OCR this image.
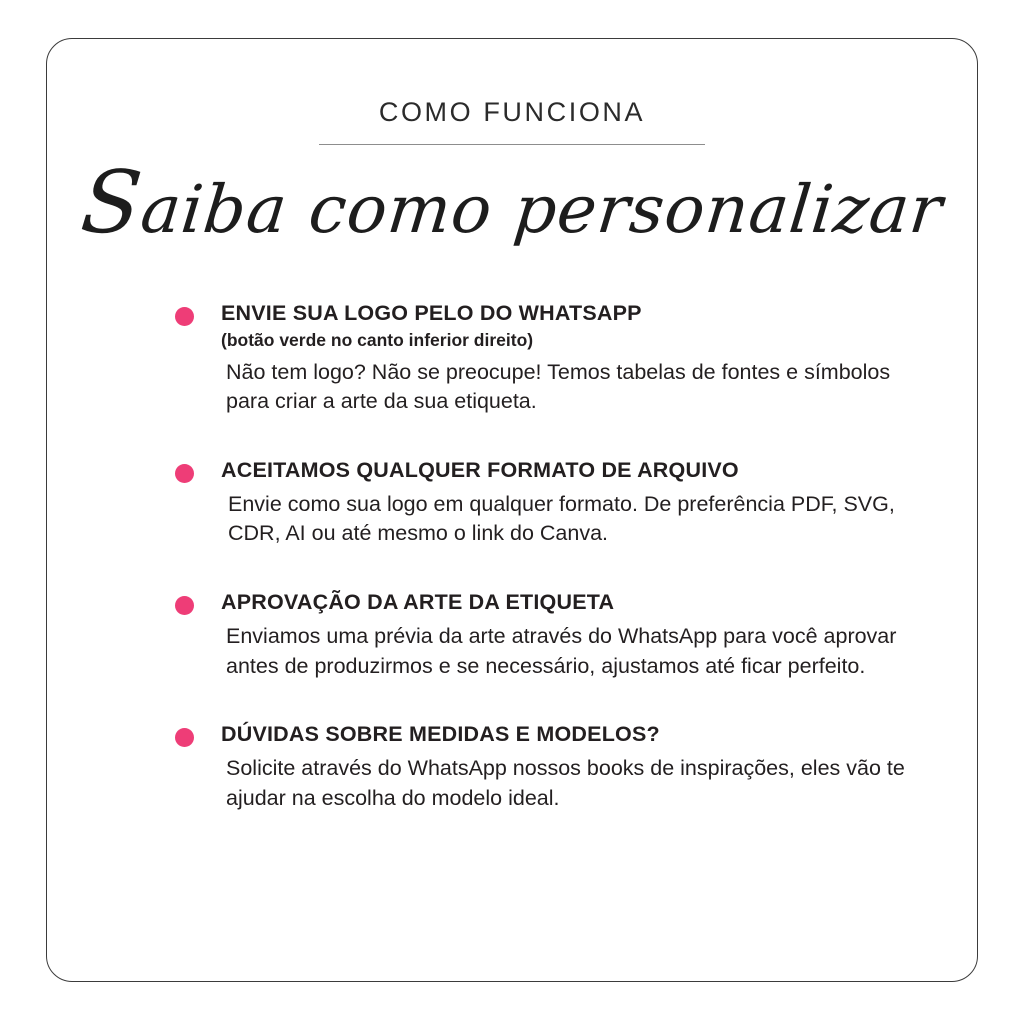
COMO FUNCIONA
Saiba como personalizar
ENVIE SUA LOGO PELO DO WHATSAPP
(botão verde no canto inferior direito)
Não tem logo? Não se preocupe! Temos tabelas de fontes e símbolos para criar a arte da sua etiqueta.
ACEITAMOS QUALQUER FORMATO DE ARQUIVO
Envie como sua logo em qualquer formato. De preferência PDF, SVG, CDR, AI ou até mesmo o link do Canva.
APROVAÇÃO DA ARTE DA ETIQUETA
Enviamos uma prévia da arte através do WhatsApp para você aprovar antes de produzirmos e se necessário, ajustamos até ficar perfeito.
DÚVIDAS SOBRE MEDIDAS E MODELOS?
Solicite através do WhatsApp nossos books de inspirações, eles vão te ajudar na escolha do modelo ideal.
